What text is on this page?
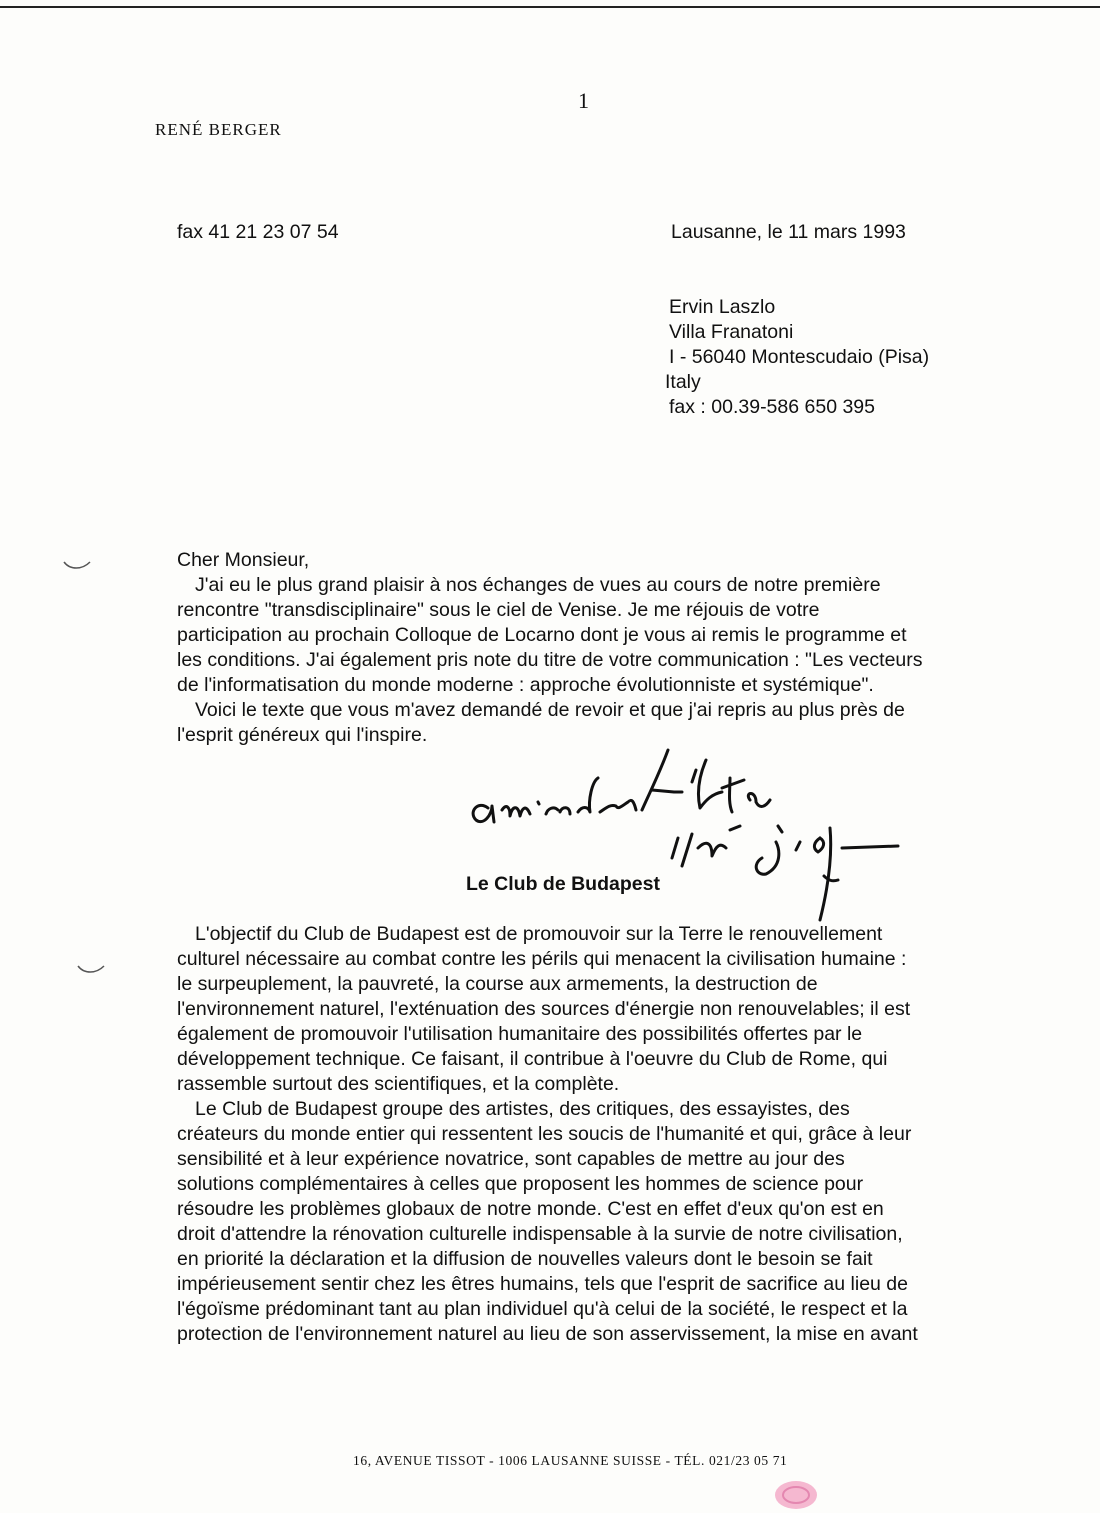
1
RENÉ BERGER
fax 41 21 23 07 54	Lausanne, le 11 mars 1993
Ervin Laszlo
Villa Franatoni
I - 56040 Montescudaio (Pisa)
Italy
fax : 00.39-586 650 395
Cher Monsieur,
J'ai eu le plus grand plaisir à nos échanges de vues au cours de notre première
rencontre "transdisciplinaire" sous le ciel de Venise. Je me réjouis de votre
participation au prochain Colloque de Locarno dont je vous ai remis le programme et
les conditions. J'ai également pris note du titre de votre communication : "Les vecteurs
de l'informatisation du monde moderne : approche évolutionniste et systémique".
Voici le texte que vous m'avez demandé de revoir et que j'ai repris au plus près de
l'esprit généreux qui l'inspire.
Le Club de Budapest
L'objectif du Club de Budapest est de promouvoir sur la Terre le renouvellement
culturel nécessaire au combat contre les périls qui menacent la civilisation humaine :
le surpeuplement, la pauvreté, la course aux armements, la destruction de
l'environnement naturel, l'exténuation des sources d'énergie non renouvelables; il est
également de promouvoir l'utilisation humanitaire des possibilités offertes par le
développement technique. Ce faisant, il contribue à l'oeuvre du Club de Rome, qui
rassemble surtout des scientifiques, et la complète.
Le Club de Budapest groupe des artistes, des critiques, des essayistes, des
créateurs du monde entier qui ressentent les soucis de l'humanité et qui, grâce à leur
sensibilité et à leur expérience novatrice, sont capables de mettre au jour des
solutions complémentaires à celles que proposent les hommes de science pour
résoudre les problèmes globaux de notre monde. C'est en effet d'eux qu'on est en
droit d'attendre la rénovation culturelle indispensable à la survie de notre civilisation,
en priorité la déclaration et la diffusion de nouvelles valeurs dont le besoin se fait
impérieusement sentir chez les êtres humains, tels que l'esprit de sacrifice au lieu de
l'égoïsme prédominant tant au plan individuel qu'à celui de la société, le respect et la
protection de l'environnement naturel au lieu de son asservissement, la mise en avant
16, AVENUE TISSOT - 1006 LAUSANNE SUISSE - TÉL. 021/23 05 71
